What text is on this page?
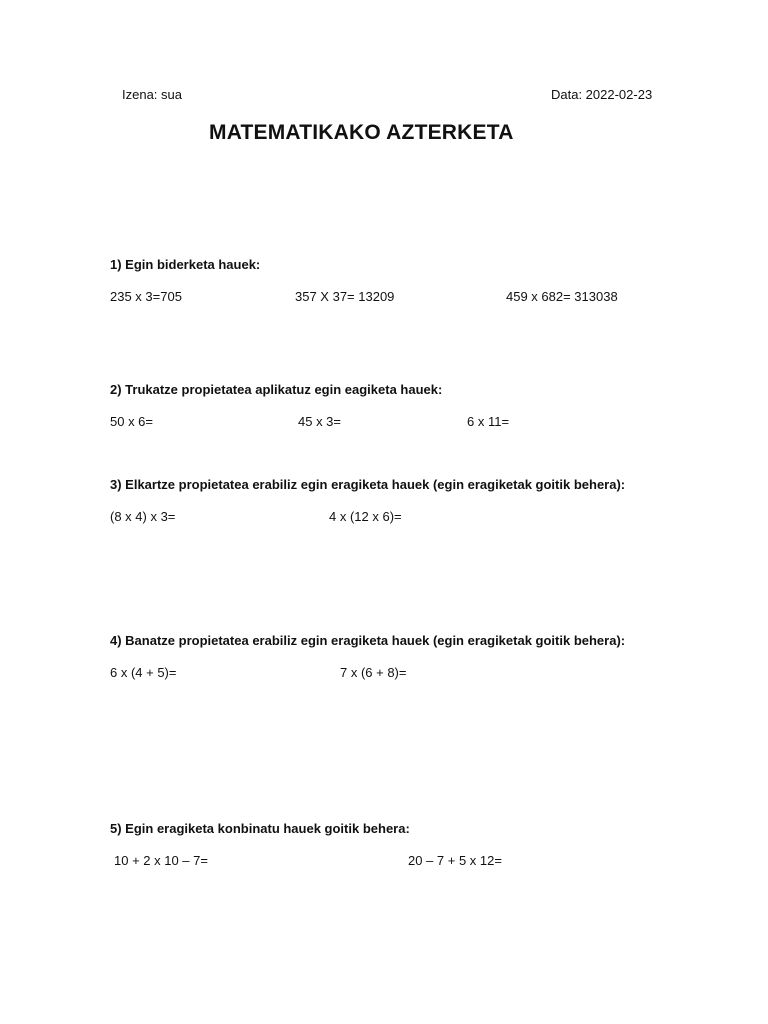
Izena: sua	Data: 2022-02-23
MATEMATIKAKO AZTERKETA
1) Egin biderketa hauek:
235 x 3=705	357 X 37= 13209	459 x 682= 313038
2) Trukatze propietatea aplikatuz egin eagiketa hauek:
50 x 6=	45 x 3=	6 x 11=
3) Elkartze propietatea erabiliz egin eragiketa hauek (egin eragiketak goitik behera):
(8 x 4) x 3=	4 x (12 x 6)=
4) Banatze propietatea erabiliz egin eragiketa hauek (egin eragiketak goitik behera):
6 x (4 + 5)=	7 x (6 + 8)=
5) Egin eragiketa konbinatu hauek goitik behera:
10 + 2 x 10 – 7=	20 – 7 + 5 x 12=
